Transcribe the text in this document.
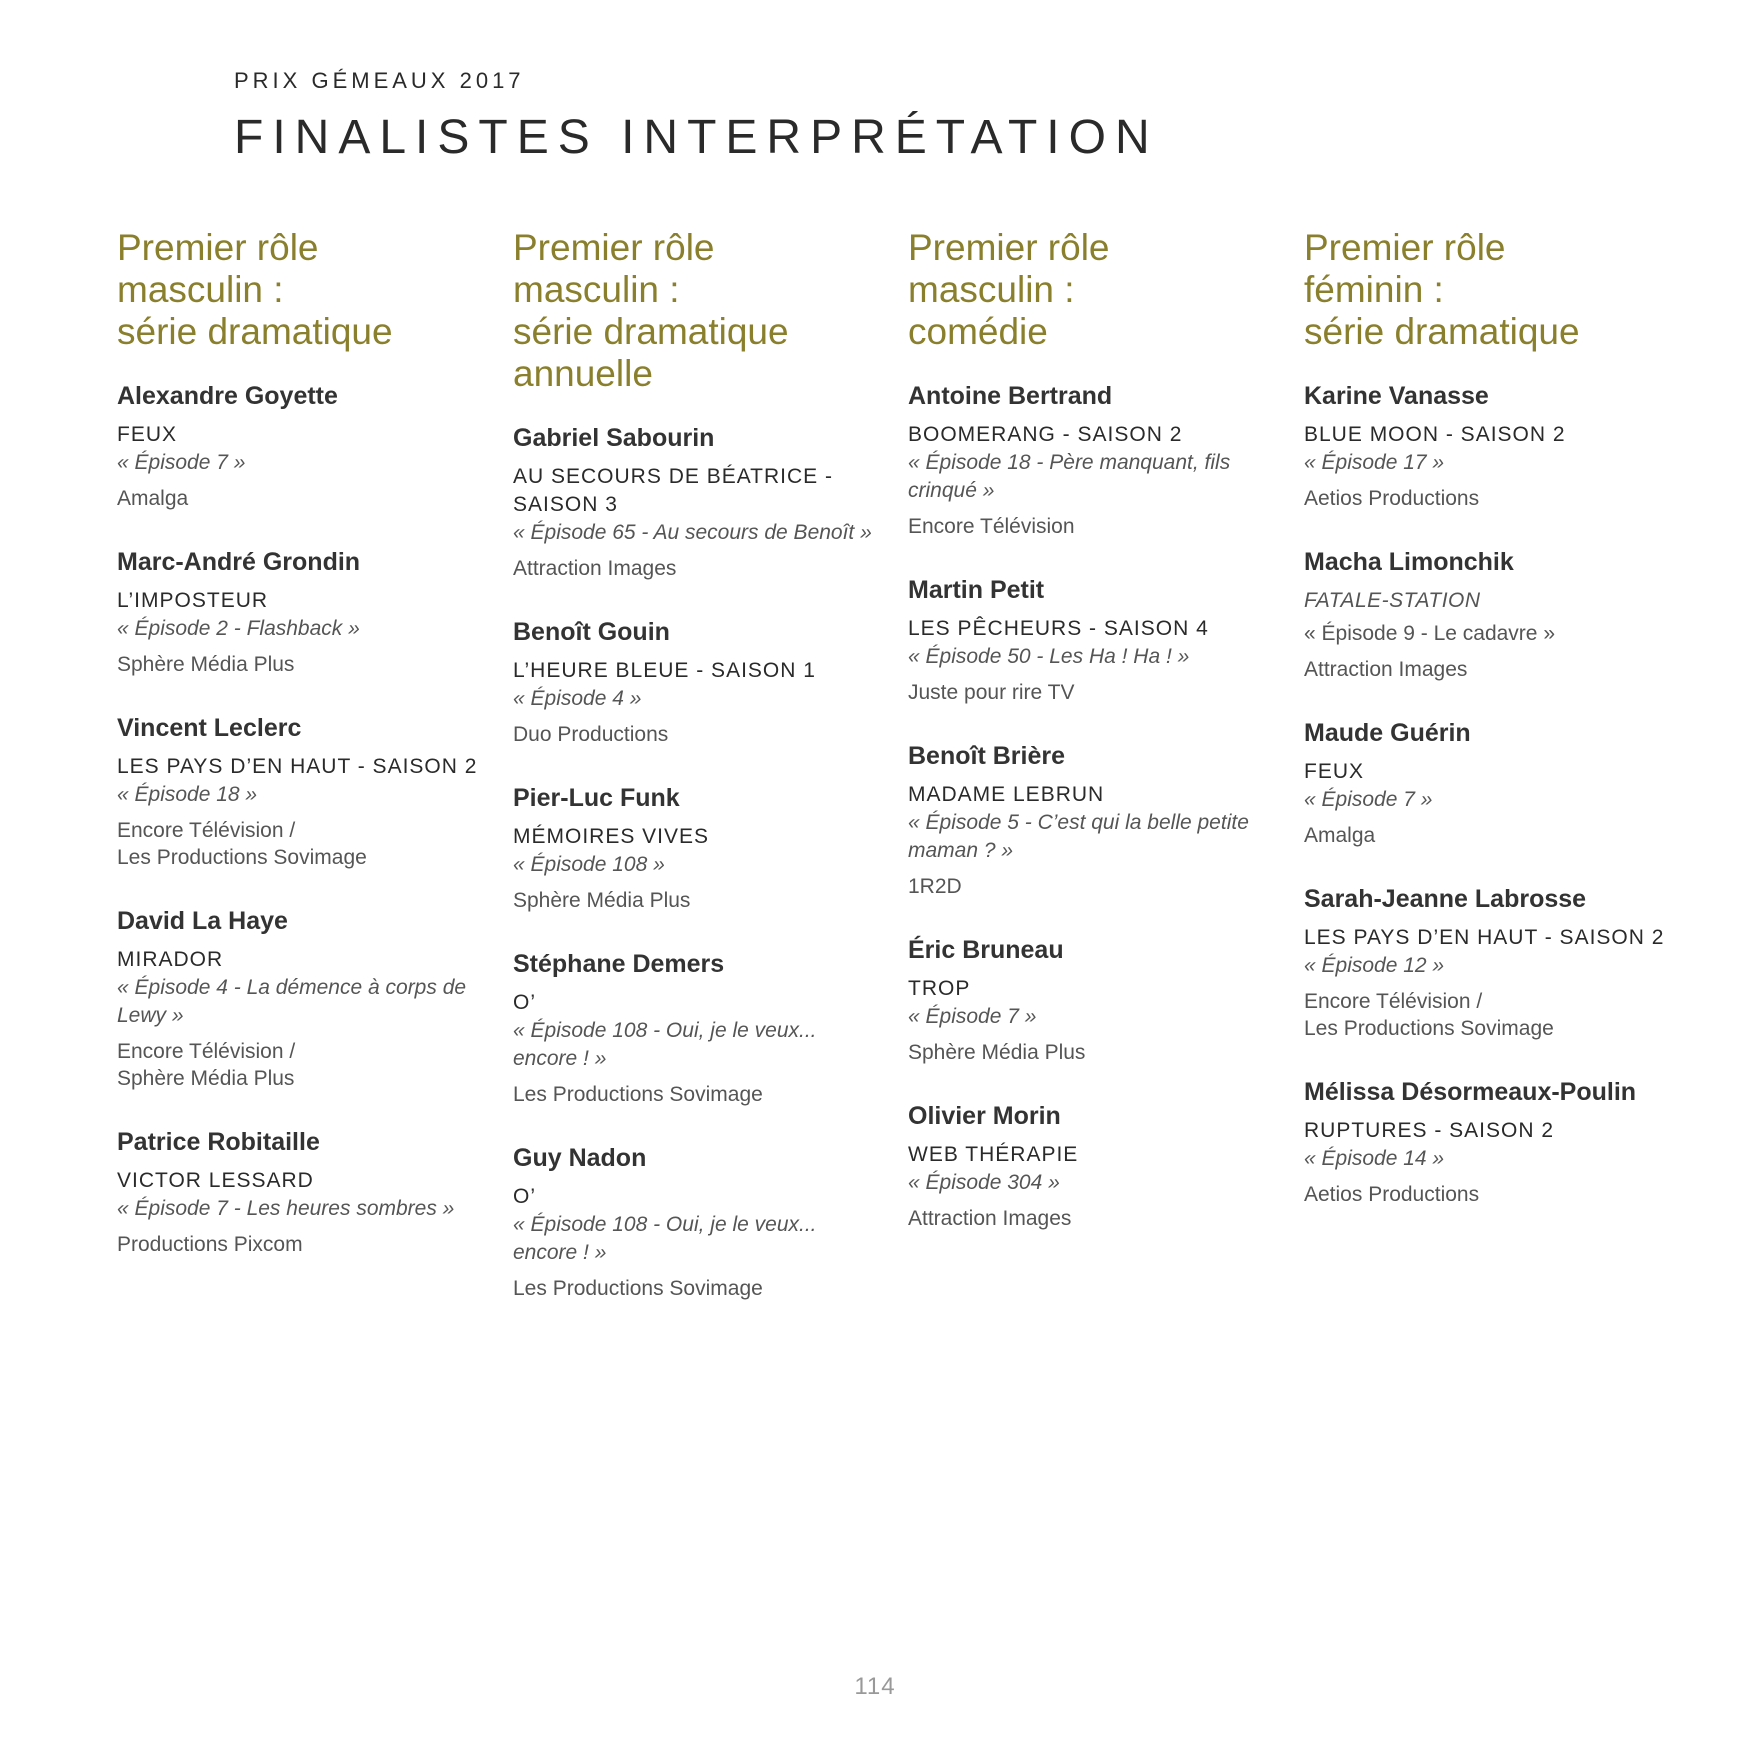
PRIX GÉMEAUX 2017

FINALISTES INTERPRÉTATION
Premier rôle
masculin :
série dramatique

Alexandre Goyette

FEUX

« Épisode 7 »

Amalga

Marc-André Grondin

L’IMPOSTEUR

« Épisode 2 - Flashback »

Sphère Média Plus

Vincent Leclerc

LES PAYS D’EN HAUT - SAISON 2

« Épisode 18 »

Encore Télévision /
Les Productions Sovimage

David La Haye

MIRADOR

« Épisode 4 - La démence à corps de Lewy »

Encore Télévision /
Sphère Média Plus

Patrice Robitaille

VICTOR LESSARD

« Épisode 7 - Les heures sombres »

Productions Pixcom

Premier rôle
masculin :
série dramatique
annuelle

Gabriel Sabourin

AU SECOURS DE BÉATRICE - SAISON 3

« Épisode 65 - Au secours de Benoît »

Attraction Images

Benoît Gouin

L’HEURE BLEUE - SAISON 1

« Épisode 4 »

Duo Productions

Pier-Luc Funk

MÉMOIRES VIVES

« Épisode 108 »

Sphère Média Plus

Stéphane Demers

O’

« Épisode 108 - Oui, je le veux... encore ! »

Les Productions Sovimage

Guy Nadon

O’

« Épisode 108 - Oui, je le veux... encore ! »

Les Productions Sovimage

Premier rôle
masculin :
comédie

Antoine Bertrand

BOOMERANG - SAISON 2

« Épisode 18 - Père manquant, fils crinqué »

Encore Télévision

Martin Petit

LES PÊCHEURS - SAISON 4

« Épisode 50 - Les Ha ! Ha ! »

Juste pour rire TV

Benoît Brière

MADAME LEBRUN

« Épisode 5 - C’est qui la belle petite maman ? »

1R2D

Éric Bruneau

TROP

« Épisode 7 »

Sphère Média Plus

Olivier Morin

WEB THÉRAPIE

« Épisode 304 »

Attraction Images

Premier rôle
féminin :
série dramatique

Karine Vanasse

BLUE MOON - SAISON 2

« Épisode 17 »

Aetios Productions

Macha Limonchik

FATALE-STATION

« Épisode 9 - Le cadavre »

Attraction Images

Maude Guérin

FEUX

« Épisode 7 »

Amalga

Sarah-Jeanne Labrosse

LES PAYS D’EN HAUT - SAISON 2

« Épisode 12 »

Encore Télévision /
Les Productions Sovimage

Mélissa Désormeaux-Poulin

RUPTURES - SAISON 2

« Épisode 14 »

Aetios Productions

114
